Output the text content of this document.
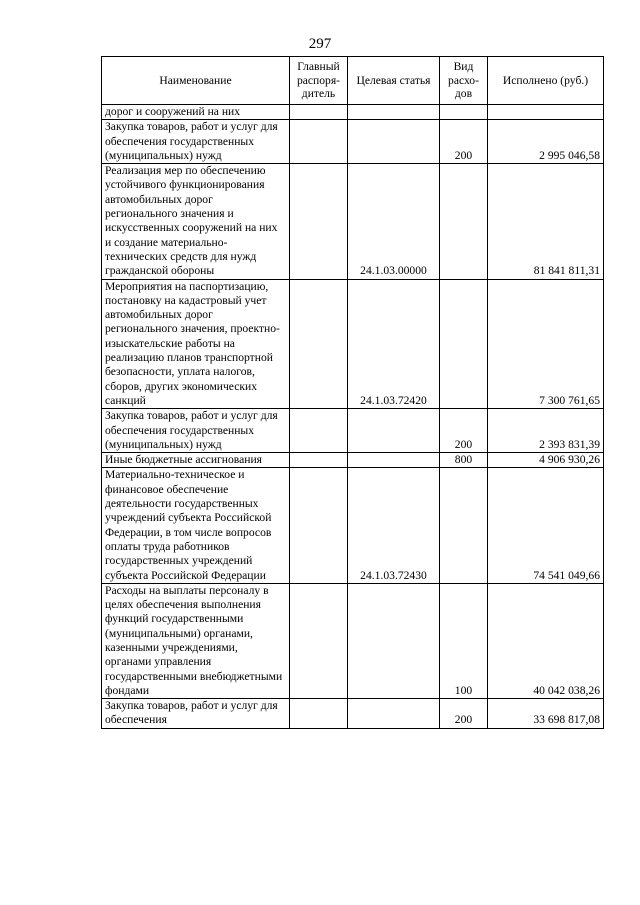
297
Наименование	Главный распоря- дитель	Целевая статья	Вид расхо- дов	Исполнено (руб.)
дорог и сооружений на них				
Закупка товаров, работ и услуг для обеспечения государственных (муниципальных) нужд			200	2 995 046,58
Реализация мер по обеспечению устойчивого функционирования автомобильных дорог регионального значения и искусственных сооружений на них и создание материально-технических средств для нужд гражданской обороны		24.1.03.00000		81 841 811,31
Мероприятия на паспортизацию, постановку на кадастровый учет автомобильных дорог регионального значения, проектно-изыскательские работы на реализацию планов транспортной безопасности, уплата налогов, сборов, других экономических санкций		24.1.03.72420		7 300 761,65
Закупка товаров, работ и услуг для обеспечения государственных (муниципальных) нужд			200	2 393 831,39
Иные бюджетные ассигнования			800	4 906 930,26
Материально-техническое и финансовое обеспечение деятельности государственных учреждений субъекта Российской Федерации, в том числе вопросов оплаты труда работников государственных учреждений субъекта Российской Федерации		24.1.03.72430		74 541 049,66
Расходы на выплаты персоналу в целях обеспечения выполнения функций государственными (муниципальными) органами, казенными учреждениями, органами управления государственными внебюджетными фондами			100	40 042 038,26
Закупка товаров, работ и услуг для обеспечения			200	33 698 817,08
